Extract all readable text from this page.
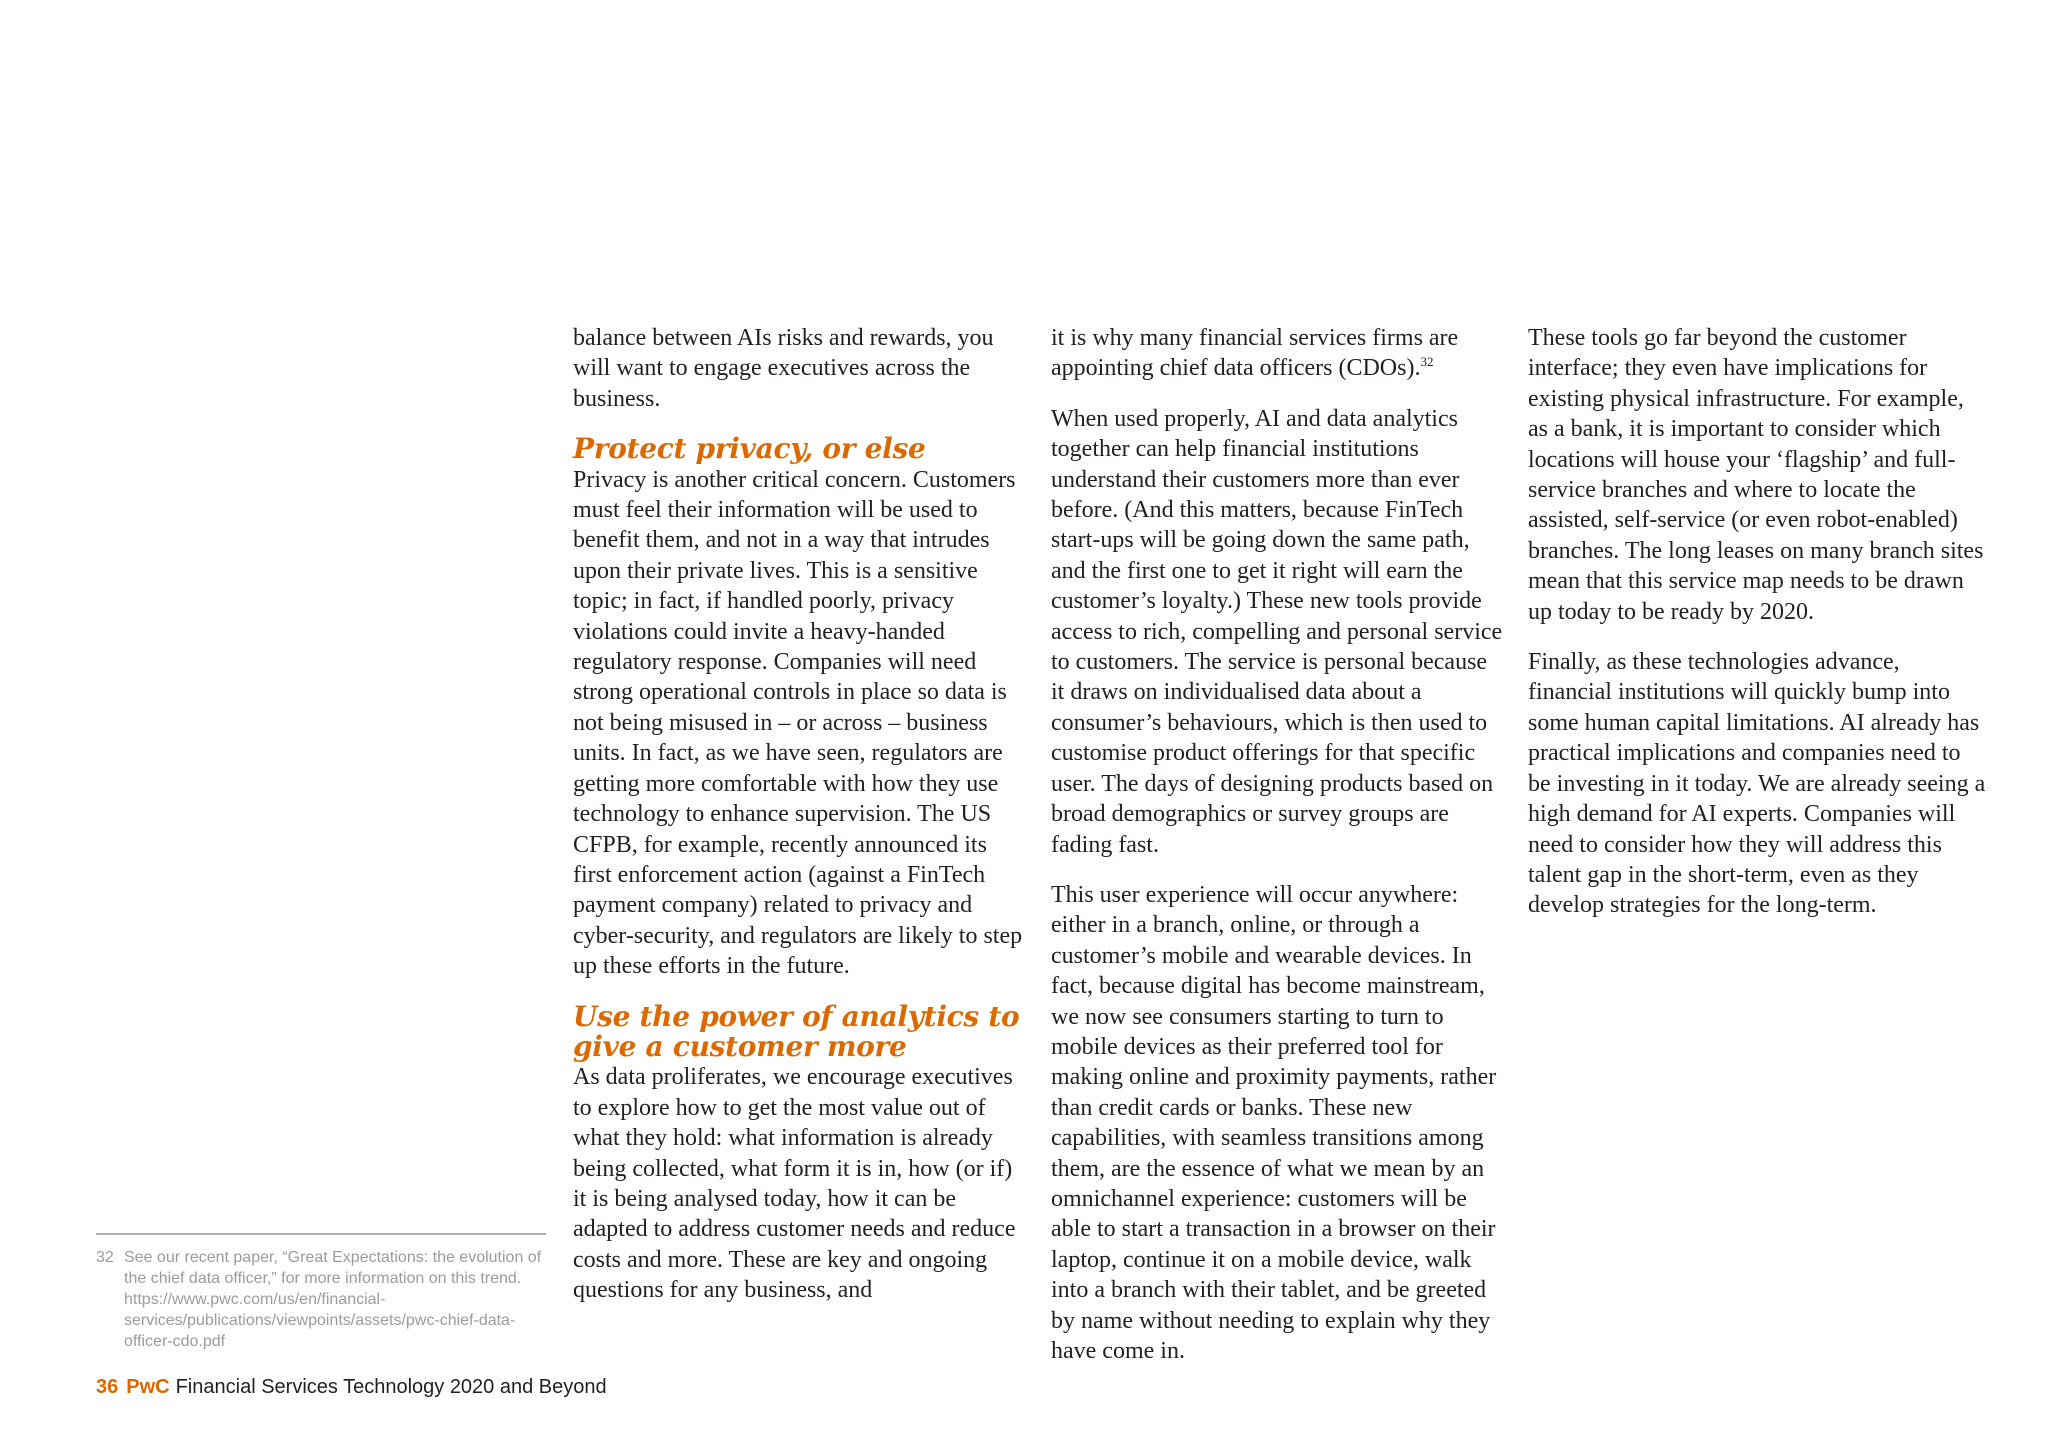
balance between AIs risks and rewards, you will want to engage executives across the business.

Protect privacy, or else

Privacy is another critical concern. Customers must feel their information will be used to benefit them, and not in a way that intrudes upon their private lives. This is a sensitive topic; in fact, if handled poorly, privacy violations could invite a heavy-handed regulatory response. Companies will need strong operational controls in place so data is not being misused in – or across – business units. In fact, as we have seen, regulators are getting more comfortable with how they use technology to enhance supervision. The US CFPB, for example, recently announced its first enforcement action (against a FinTech payment company) related to privacy and cyber-security, and regulators are likely to step up these efforts in the future.

Use the power of analytics to give a customer more

As data proliferates, we encourage executives to explore how to get the most value out of what they hold: what information is already being collected, what form it is in, how (or if) it is being analysed today, how it can be adapted to address customer needs and reduce costs and more. These are key and ongoing questions for any business, and

it is why many financial services firms are appointing chief data officers (CDOs).$^{32}$

When used properly, AI and data analytics together can help financial institutions understand their customers more than ever before. (And this matters, because FinTech start-ups will be going down the same path, and the first one to get it right will earn the customer’s loyalty.) These new tools provide access to rich, compelling and personal service to customers. The service is personal because it draws on individualised data about a consumer’s behaviours, which is then used to customise product offerings for that specific user. The days of designing products based on broad demographics or survey groups are fading fast.

This user experience will occur anywhere: either in a branch, online, or through a customer’s mobile and wearable devices. In fact, because digital has become mainstream, we now see consumers starting to turn to mobile devices as their preferred tool for making online and proximity payments, rather than credit cards or banks. These new capabilities, with seamless transitions among them, are the essence of what we mean by an omnichannel experience: customers will be able to start a transaction in a browser on their laptop, continue it on a mobile device, walk into a branch with their tablet, and be greeted by name without needing to explain why they have come in.

These tools go far beyond the customer interface; they even have implications for existing physical infrastructure. For example, as a bank, it is important to consider which locations will house your ‘flagship’ and full-service branches and where to locate the assisted, self-service (or even robot-enabled) branches. The long leases on many branch sites mean that this service map needs to be drawn up today to be ready by 2020.

Finally, as these technologies advance, financial institutions will quickly bump into some human capital limitations. AI already has practical implications and companies need to be investing in it today. We are already seeing a high demand for AI experts. Companies will need to consider how they will address this talent gap in the short-term, even as they develop strategies for the long-term.

32 See our recent paper, “Great Expectations: the evolution of the chief data officer,” for more information on this trend. https://www.pwc.com/us/en/financial-services/publications/viewpoints/assets/pwc-chief-data-officer-cdo.pdf
36 PwC Financial Services Technology 2020 and Beyond
